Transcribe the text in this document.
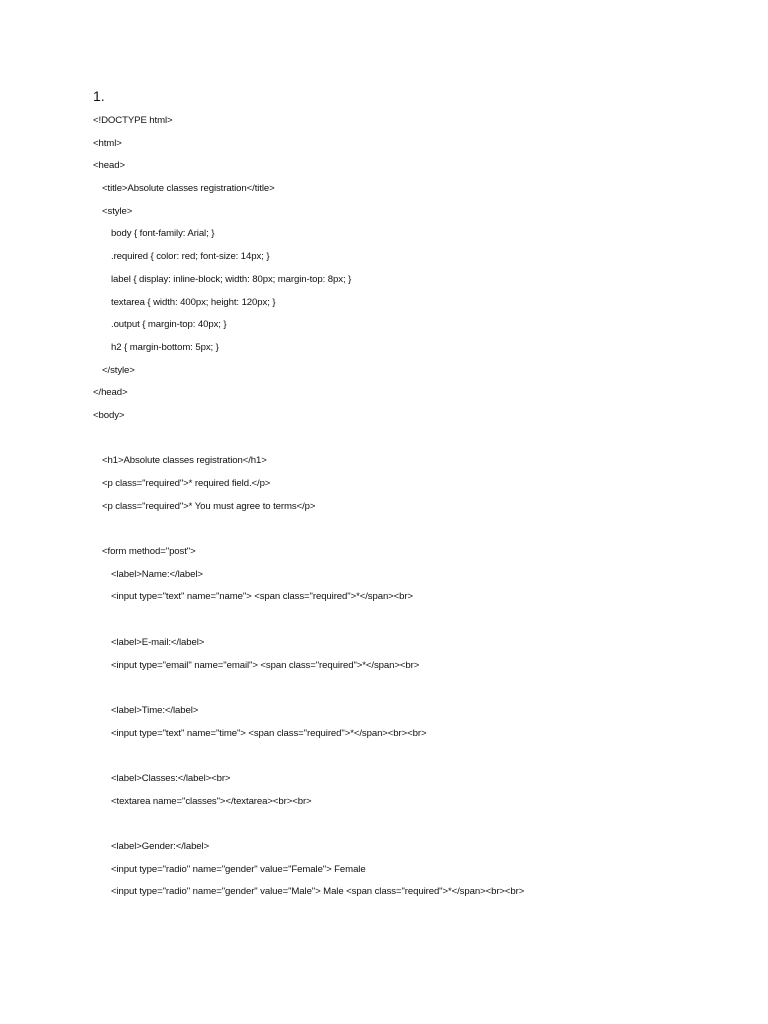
1.
<!DOCTYPE html>
<html>
<head>
<title>Absolute classes registration</title>
<style>
body { font-family: Arial; }
.required { color: red; font-size: 14px; }
label { display: inline-block; width: 80px; margin-top: 8px; }
textarea { width: 400px; height: 120px; }
.output { margin-top: 40px; }
h2 { margin-bottom: 5px; }
</style>
</head>
<body>
<h1>Absolute classes registration</h1>
<p class="required">* required field.</p>
<p class="required">* You must agree to terms</p>
<form method="post">
<label>Name:</label>
<input type="text" name="name"> <span class="required">*</span><br>
<label>E-mail:</label>
<input type="email" name="email"> <span class="required">*</span><br>
<label>Time:</label>
<input type="text" name="time"> <span class="required">*</span><br><br>
<label>Classes:</label><br>
<textarea name="classes"></textarea><br><br>
<label>Gender:</label>
<input type="radio" name="gender" value="Female"> Female
<input type="radio" name="gender" value="Male"> Male <span class="required">*</span><br><br>
